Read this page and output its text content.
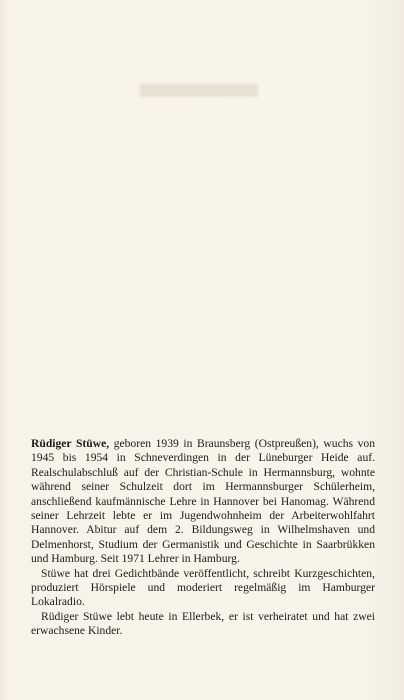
Rüdiger Stüwe, geboren 1939 in Braunsberg (Ostpreußen), wuchs von 1945 bis 1954 in Schneverdingen in der Lüneburger Heide auf. Realschulabschluß auf der Christian-Schule in Hermannsburg, wohnte während seiner Schulzeit dort im Hermannsburger Schülerheim, anschließend kaufmännische Lehre in Hannover bei Hanomag. Während seiner Lehrzeit lebte er im Jugendwohnheim der Arbeiterwohlfahrt Hannover. Abitur auf dem 2. Bildungsweg in Wilhelmshaven und Delmenhorst, Studium der Germanistik und Geschichte in Saarbrükken und Hamburg. Seit 1971 Lehrer in Hamburg.

Stüwe hat drei Gedichtbände veröffentlicht, schreibt Kurzgeschichten, produziert Hörspiele und moderiert regelmäßig im Hamburger Lokalradio.

Rüdiger Stüwe lebt heute in Ellerbek, er ist verheiratet und hat zwei erwachsene Kinder.
